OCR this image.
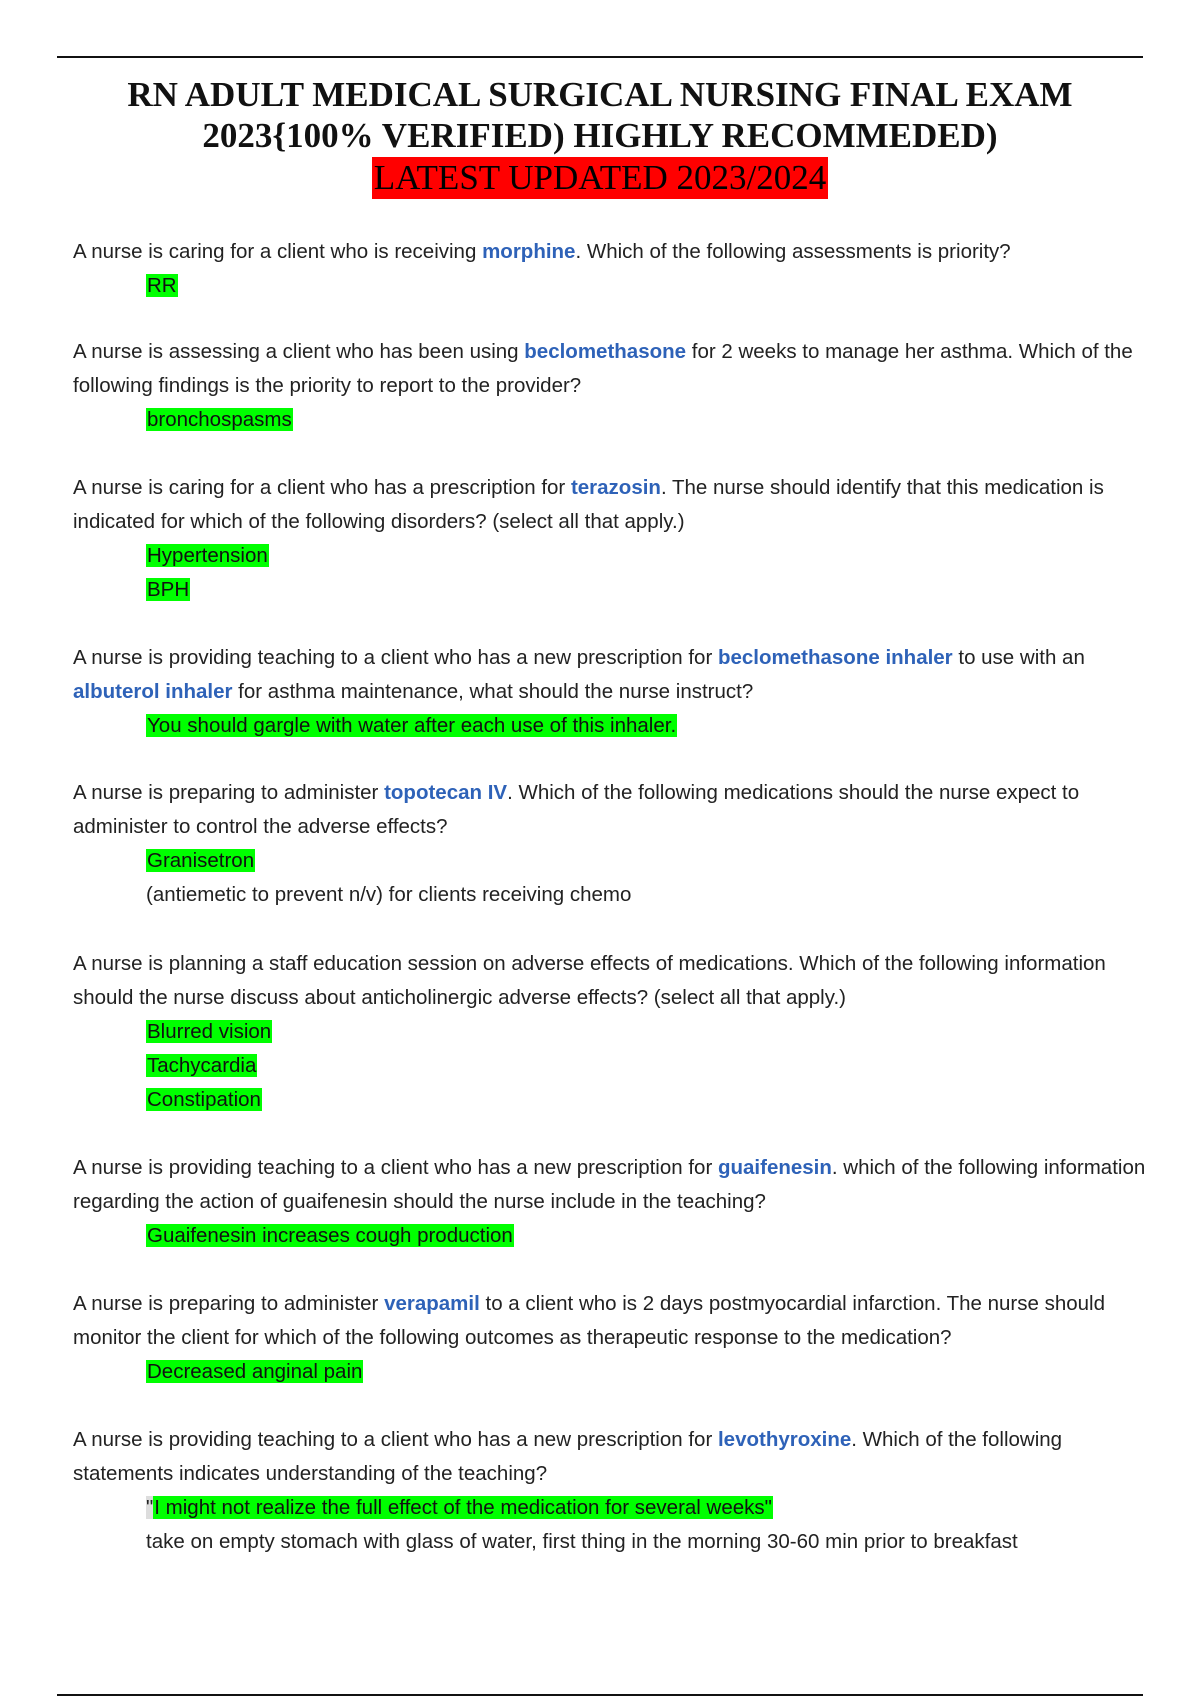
RN ADULT MEDICAL SURGICAL NURSING FINAL EXAM
2023{100% VERIFIED) HIGHLY RECOMMEDED)
LATEST UPDATED 2023/2024

A nurse is caring for a client who is receiving morphine. Which of the following assessments is priority?

RR

A nurse is assessing a client who has been using beclomethasone for 2 weeks to manage her asthma. Which of the following findings is the priority to report to the provider?

bronchospasms

A nurse is caring for a client who has a prescription for terazosin. The nurse should identify that this medication is indicated for which of the following disorders? (select all that apply.)

Hypertension
BPH

A nurse is providing teaching to a client who has a new prescription for beclomethasone inhaler to use with an albuterol inhaler for asthma maintenance, what should the nurse instruct?

You should gargle with water after each use of this inhaler.

A nurse is preparing to administer topotecan IV. Which of the following medications should the nurse expect to administer to control the adverse effects?

Granisetron
(antiemetic to prevent n/v) for clients receiving chemo

A nurse is planning a staff education session on adverse effects of medications. Which of the following information should the nurse discuss about anticholinergic adverse effects? (select all that apply.)

Blurred vision
Tachycardia
Constipation

A nurse is providing teaching to a client who has a new prescription for guaifenesin. which of the following information regarding the action of guaifenesin should the nurse include in the teaching?

Guaifenesin increases cough production

A nurse is preparing to administer verapamil to a client who is 2 days postmyocardial infarction. The nurse should monitor the client for which of the following outcomes as therapeutic response to the medication?

Decreased anginal pain

A nurse is providing teaching to a client who has a new prescription for levothyroxine. Which of the following statements indicates understanding of the teaching?

"I might not realize the full effect of the medication for several weeks"
take on empty stomach with glass of water, first thing in the morning 30-60 min prior to breakfast
